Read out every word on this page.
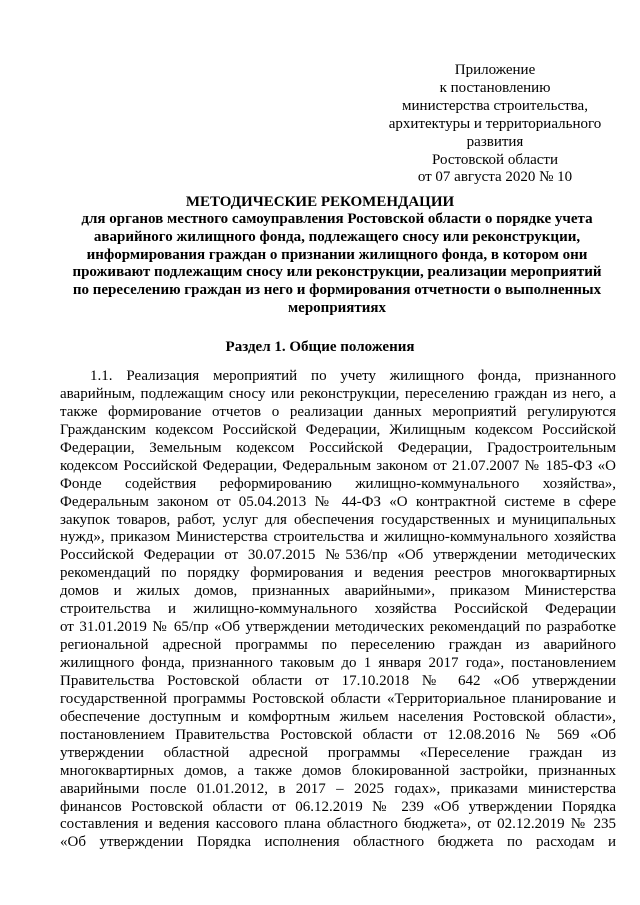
Приложение
к постановлению
министерства строительства,
архитектуры и территориального
развития
Ростовской области
от 07 августа 2020 № 10
МЕТОДИЧЕСКИЕ РЕКОМЕНДАЦИИ
для органов местного самоуправления Ростовской области о порядке учета
аварийного жилищного фонда, подлежащего сносу или реконструкции,
информирования граждан о признании жилищного фонда, в котором они
проживают подлежащим сносу или реконструкции, реализации мероприятий
по переселению граждан из него и формирования отчетности о выполненных
мероприятиях
Раздел 1. Общие положения
1.1. Реализация мероприятий по учету жилищного фонда, признанного
аварийным, подлежащим сносу или реконструкции, переселению граждан из него, а
также формирование отчетов о реализации данных мероприятий регулируются
Гражданским кодексом Российской Федерации, Жилищным кодексом Российской
Федерации, Земельным кодексом Российской Федерации, Градостроительным
кодексом Российской Федерации, Федеральным законом от 21.07.2007 № 185-ФЗ «О
Фонде содействия реформированию жилищно-коммунального хозяйства»,
Федеральным законом от 05.04.2013 № 44-ФЗ «О контрактной системе в сфере
закупок товаров, работ, услуг для обеспечения государственных и муниципальных
нужд», приказом Министерства строительства и жилищно-коммунального хозяйства
Российской Федерации от 30.07.2015 №536/пр «Об утверждении методических
рекомендаций по порядку формирования и ведения реестров многоквартирных
домов и жилых домов, признанных аварийными», приказом Министерства
строительства и жилищно-коммунального хозяйства Российской Федерации
от 31.01.2019 № 65/пр «Об утверждении методических рекомендаций по разработке
региональной адресной программы по переселению граждан из аварийного
жилищного фонда, признанного таковым до 1 января 2017 года», постановлением
Правительства Ростовской области от 17.10.2018 № 642 «Об утверждении
государственной программы Ростовской области «Территориальное планирование и
обеспечение доступным и комфортным жильем населения Ростовской области»,
постановлением Правительства Ростовской области от 12.08.2016 № 569 «Об
утверждении областной адресной программы «Переселение граждан из
многоквартирных домов, а также домов блокированной застройки, признанных
аварийными после 01.01.2012, в 2017 – 2025 годах», приказами министерства
финансов Ростовской области от 06.12.2019 № 239 «Об утверждении Порядка
составления и ведения кассового плана областного бюджета», от 02.12.2019 № 235
«Об утверждении Порядка исполнения областного бюджета по расходам и
